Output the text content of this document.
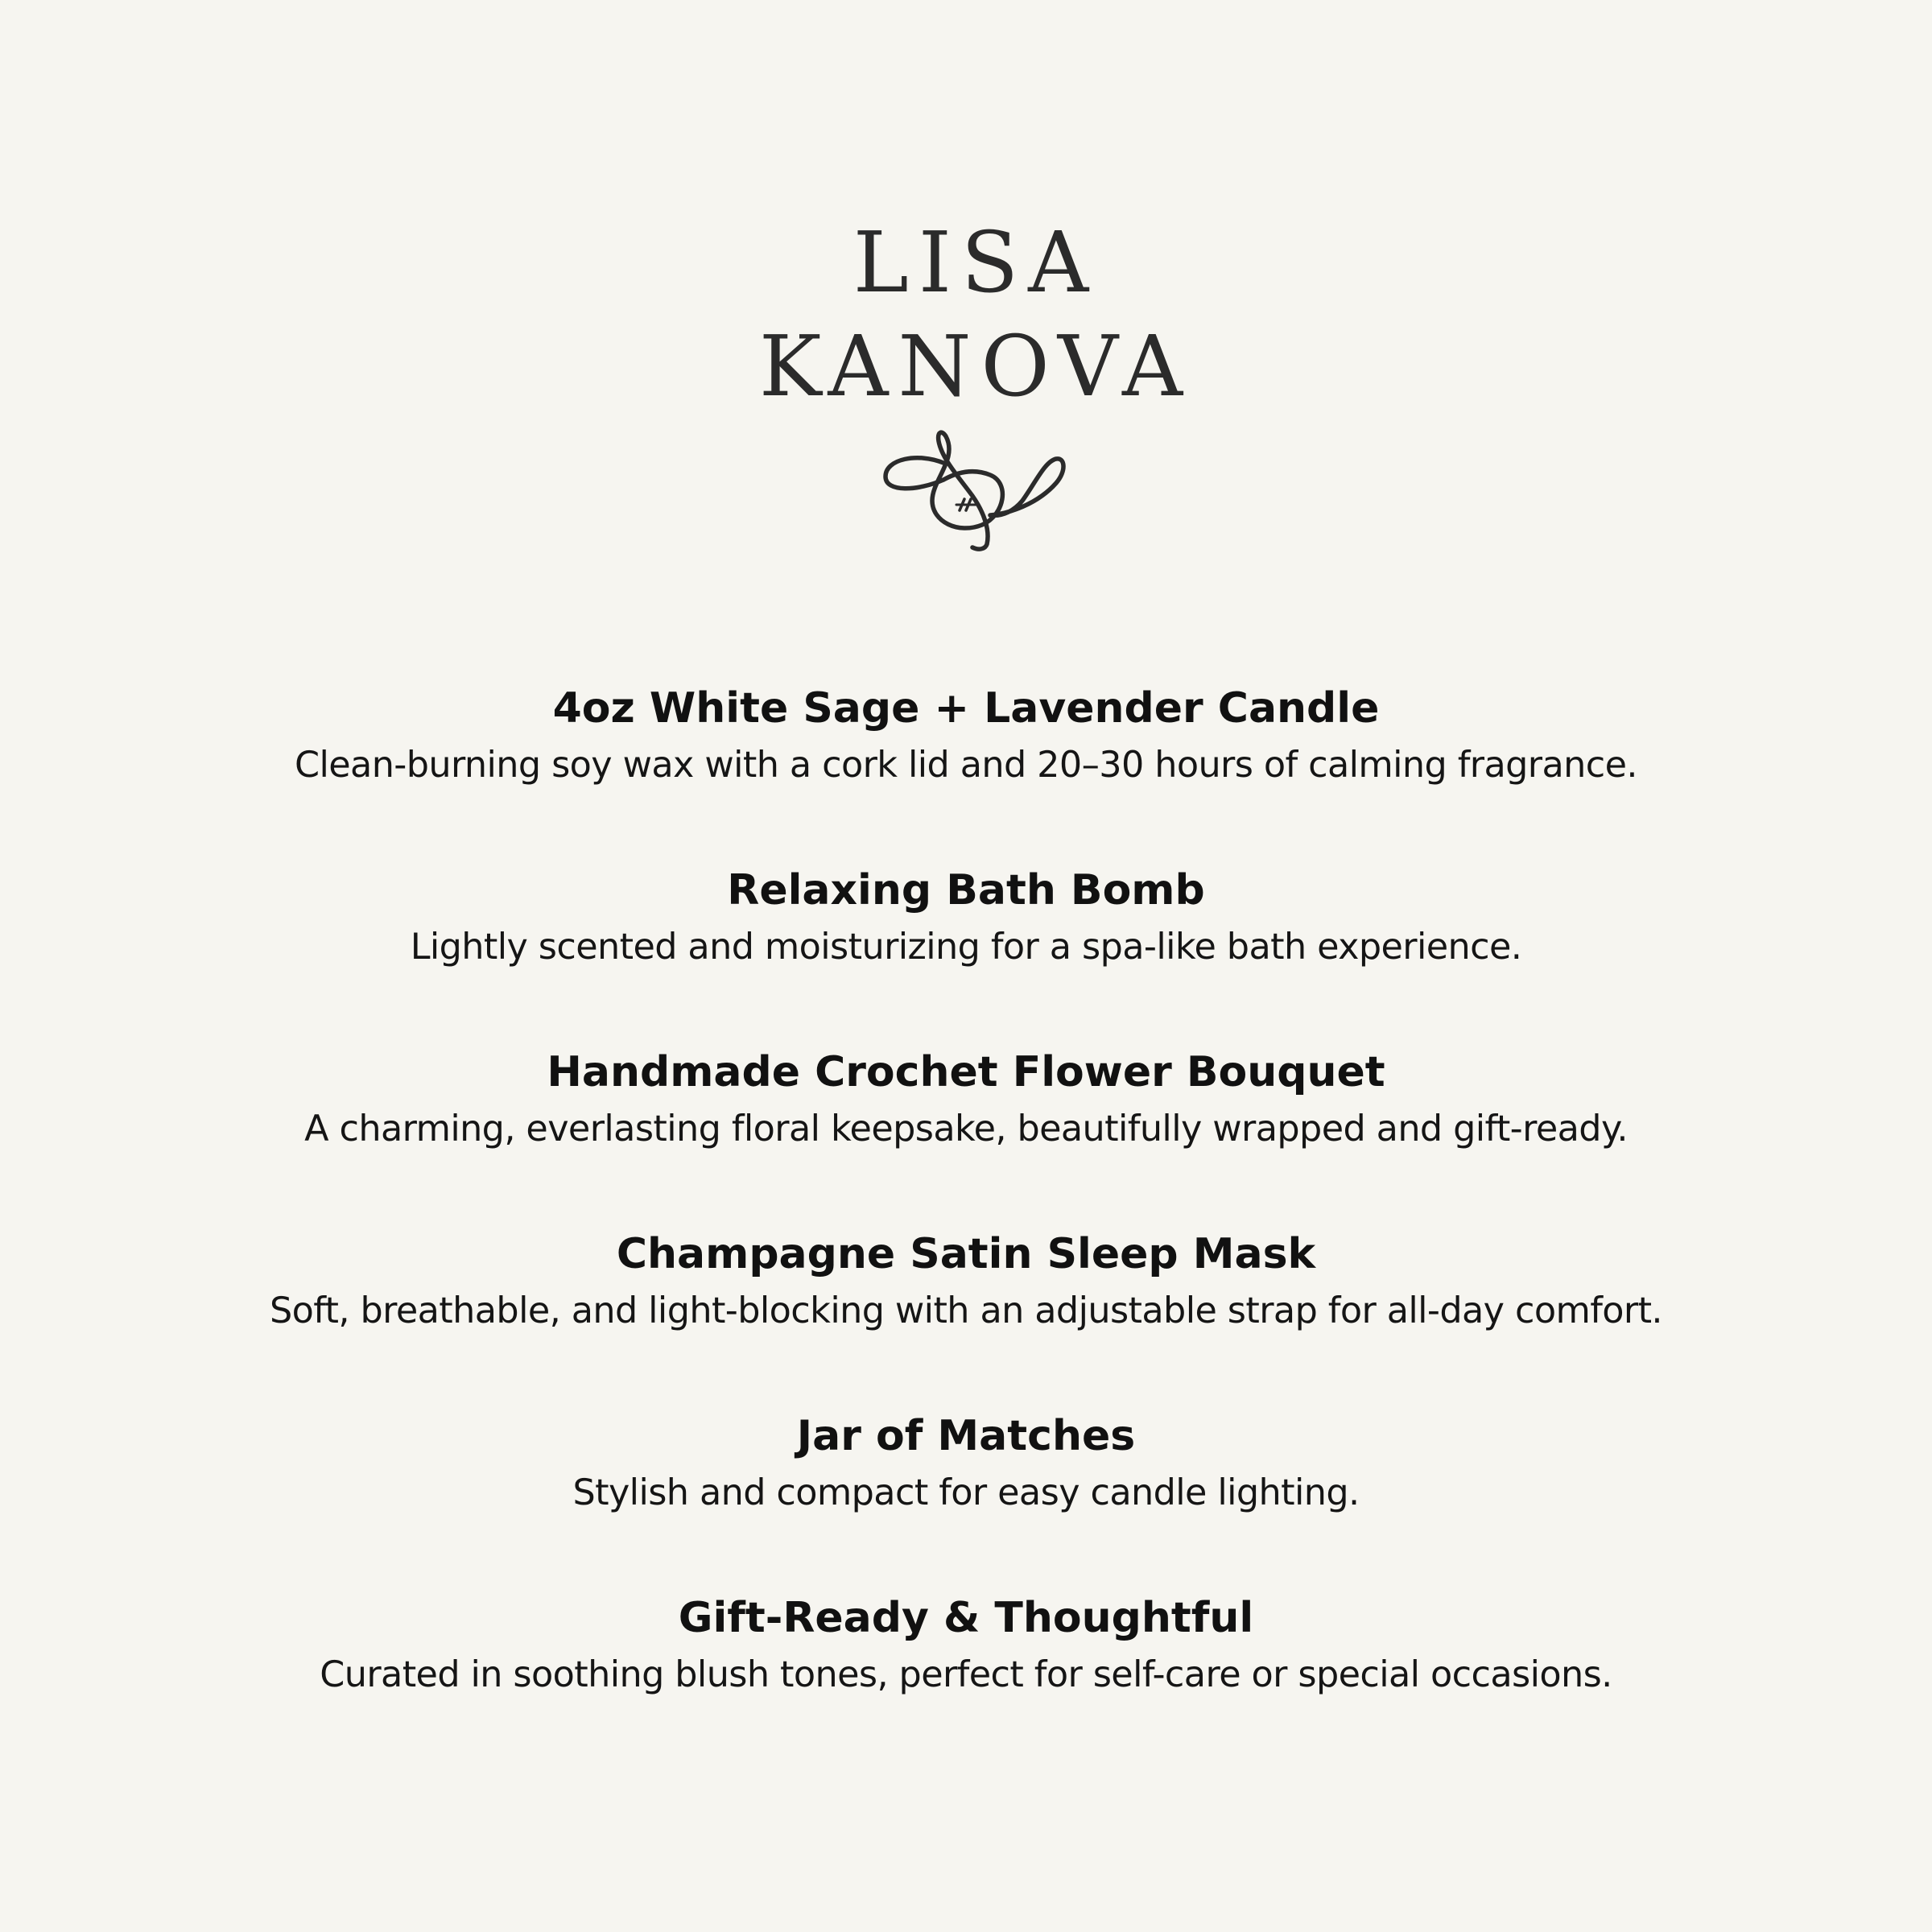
LISA
KANOVA
4oz White Sage + Lavender Candle
Clean-burning soy wax with a cork lid and 20–30 hours of calming fragrance.
Relaxing Bath Bomb
Lightly scented and moisturizing for a spa-like bath experience.
Handmade Crochet Flower Bouquet
A charming, everlasting floral keepsake, beautifully wrapped and gift-ready.
Champagne Satin Sleep Mask
Soft, breathable, and light-blocking with an adjustable strap for all-day comfort.
Jar of Matches
Stylish and compact for easy candle lighting.
Gift-Ready & Thoughtful
Curated in soothing blush tones, perfect for self-care or special occasions.
